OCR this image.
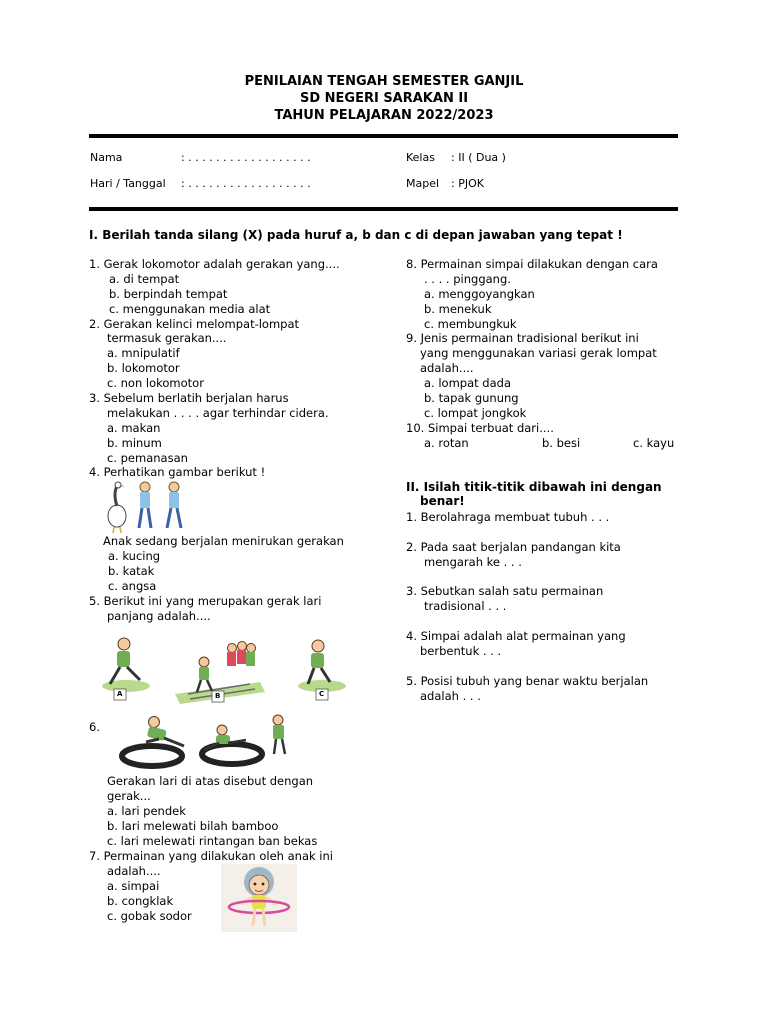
PENILAIAN TENGAH SEMESTER GANJIL
SD NEGERI SARAKAN II
TAHUN PELAJARAN 2022/2023
Nama	: . . . . . . . . . . . . . . . . . .	Kelas : II ( Dua )
Hari / Tanggal : . . . . . . . . . . . . . . . . . .	Mapel : PJOK
I. Berilah tanda silang (X) pada huruf a, b dan c di depan jawaban yang tepat !
1. Gerak lokomotor adalah gerakan yang....
a. di tempat
b. berpindah tempat
c. menggunakan media alat
2. Gerakan kelinci melompat-lompat
termasuk gerakan....
a. mnipulatif
b. lokomotor
c. non lokomotor
3. Sebelum berlatih berjalan harus
melakukan . . . . agar terhindar cidera.
a. makan
b. minum
c. pemanasan
4. Perhatikan gambar berikut !
Anak sedang berjalan menirukan gerakan
a. kucing
b. katak
c. angsa
5. Berikut ini yang merupakan gerak lari
panjang adalah....
A	B	C
6.
Gerakan lari di atas disebut dengan
gerak...
a. lari pendek
b. lari melewati bilah bamboo
c. lari melewati rintangan ban bekas
7. Permainan yang dilakukan oleh anak ini
adalah....
a. simpai
b. congklak
c. gobak sodor
8. Permainan simpai dilakukan dengan cara
. . . . pinggang.
a. menggoyangkan
b. menekuk
c. membungkuk
9. Jenis permainan tradisional berikut ini
yang menggunakan variasi gerak lompat
adalah....
a. lompat dada
b. tapak gunung
c. lompat jongkok
10. Simpai terbuat dari....
a. rotan	b. besi	c. kayu
II. Isilah titik-titik dibawah ini dengan
benar!
1. Berolahraga membuat tubuh . . .
2. Pada saat berjalan pandangan kita
mengarah ke . . .
3. Sebutkan salah satu permainan
tradisional . . .
4. Simpai adalah alat permainan yang
berbentuk . . .
5. Posisi tubuh yang benar waktu berjalan
adalah . . .
